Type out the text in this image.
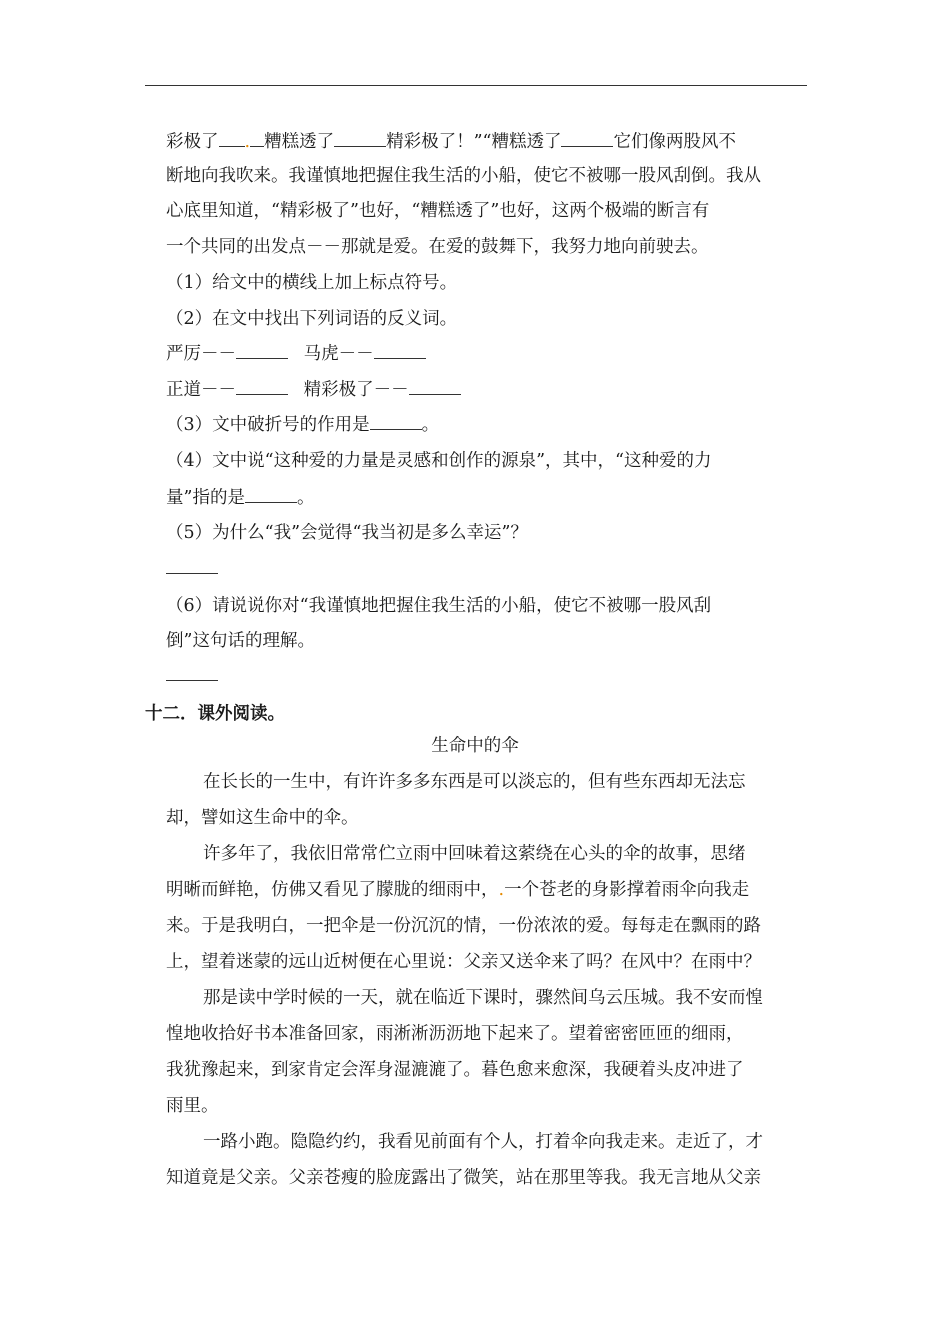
彩极了 . 糟糕透了	精彩极了！”“糟糕透了	它们像两股风不
断地向我吹来。我谨慎地把握住我生活的小船，使它不被哪一股风刮倒。我从
心底里知道，“精彩极了”也好，“糟糕透了”也好，这两个极端的断言有
一个共同的出发点－－那就是爱。在爱的鼓舞下，我努力地向前驶去。
（1）给文中的横线上加上标点符号。
（2）在文中找出下列词语的反义词。
严厉－－	马虎－－
正道－－	精彩极了－－
（3）文中破折号的作用是	。
（4）文中说“这种爱的力量是灵感和创作的源泉”，其中，“这种爱的力
量”指的是	。
（5）为什么“我”会觉得“我当初是多么幸运”？
（6）请说说你对“我谨慎地把握住我生活的小船，使它不被哪一股风刮
倒”这句话的理解。
十二．课外阅读。
生命中的伞
在长长的一生中，有许许多多东西是可以淡忘的，但有些东西却无法忘
却，譬如这生命中的伞。
许多年了，我依旧常常伫立雨中回味着这萦绕在心头的伞的故事，思绪
明晰而鲜艳，仿佛又看见了朦胧的细雨中，.一个苍老的身影撑着雨伞向我走
来。于是我明白，一把伞是一份沉沉的情，一份浓浓的爱。每每走在飘雨的路
上，望着迷蒙的远山近树便在心里说：父亲又送伞来了吗？在风中？在雨中？
那是读中学时候的一天，就在临近下课时，骤然间乌云压城。我不安而惶
惶地收拾好书本准备回家，雨淅淅沥沥地下起来了。望着密密匝匝的细雨，
我犹豫起来，到家肯定会浑身湿漉漉了。暮色愈来愈深，我硬着头皮冲进了
雨里。
一路小跑。隐隐约约，我看见前面有个人，打着伞向我走来。走近了，才
知道竟是父亲。父亲苍瘦的脸庞露出了微笑，站在那里等我。我无言地从父亲
